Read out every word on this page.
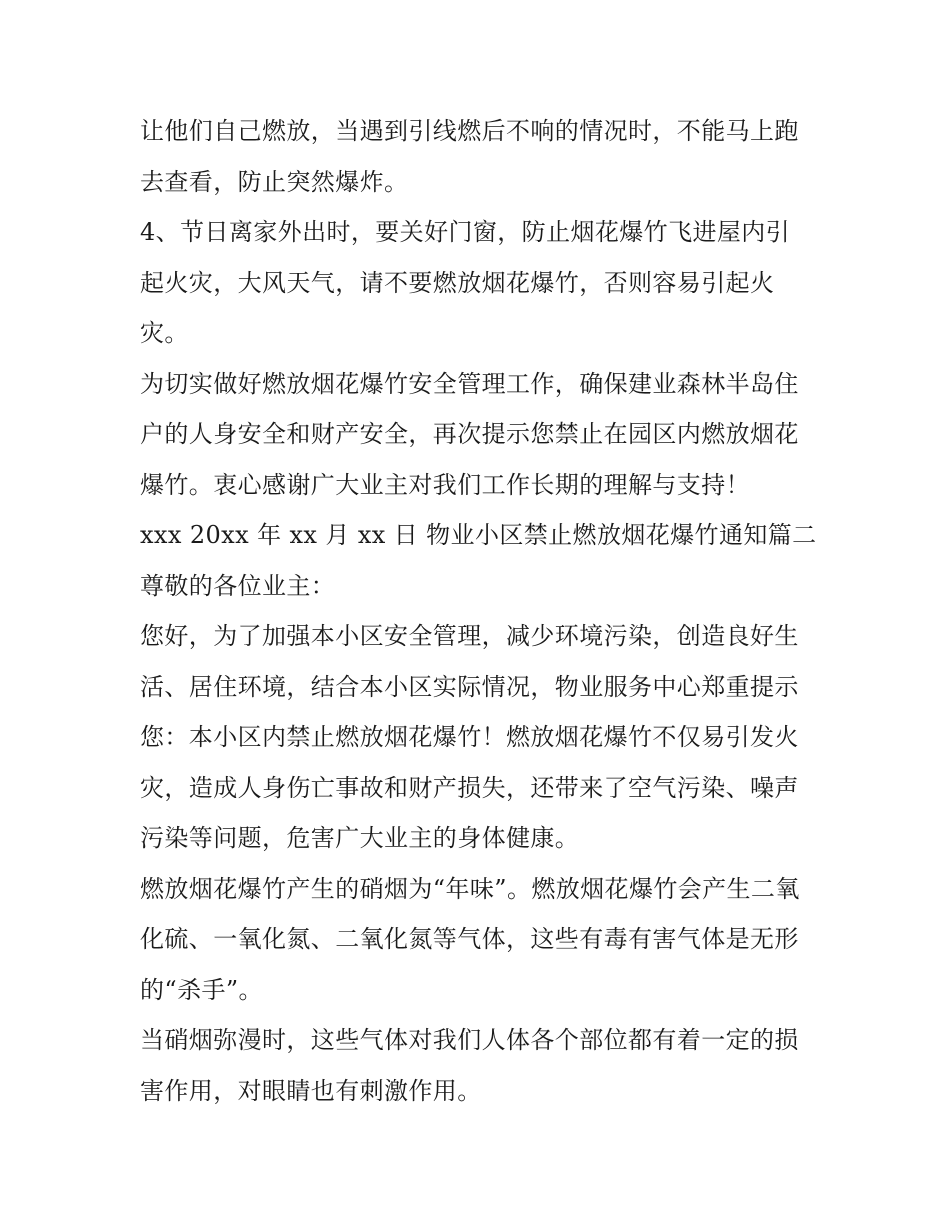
让他们自己燃放，当遇到引线燃后不响的情况时，不能马上跑
去查看，防止突然爆炸。
4、节日离家外出时，要关好门窗，防止烟花爆竹飞进屋内引
起火灾，大风天气，请不要燃放烟花爆竹，否则容易引起火
灾。
为切实做好燃放烟花爆竹安全管理工作，确保建业森林半岛住
户的人身安全和财产安全，再次提示您禁止在园区内燃放烟花
爆竹。衷心感谢广大业主对我们工作长期的理解与支持！
xxx 20xx 年 xx 月 xx 日 物业小区禁止燃放烟花爆竹通知篇二
尊敬的各位业主：
您好，为了加强本小区安全管理，减少环境污染，创造良好生
活、居住环境，结合本小区实际情况，物业服务中心郑重提示
您：本小区内禁止燃放烟花爆竹！燃放烟花爆竹不仅易引发火
灾，造成人身伤亡事故和财产损失，还带来了空气污染、噪声
污染等问题，危害广大业主的身体健康。
燃放烟花爆竹产生的硝烟为“年味”。燃放烟花爆竹会产生二氧
化硫、一氧化氮、二氧化氮等气体，这些有毒有害气体是无形
的“杀手”。
当硝烟弥漫时，这些气体对我们人体各个部位都有着一定的损
害作用，对眼睛也有刺激作用。
